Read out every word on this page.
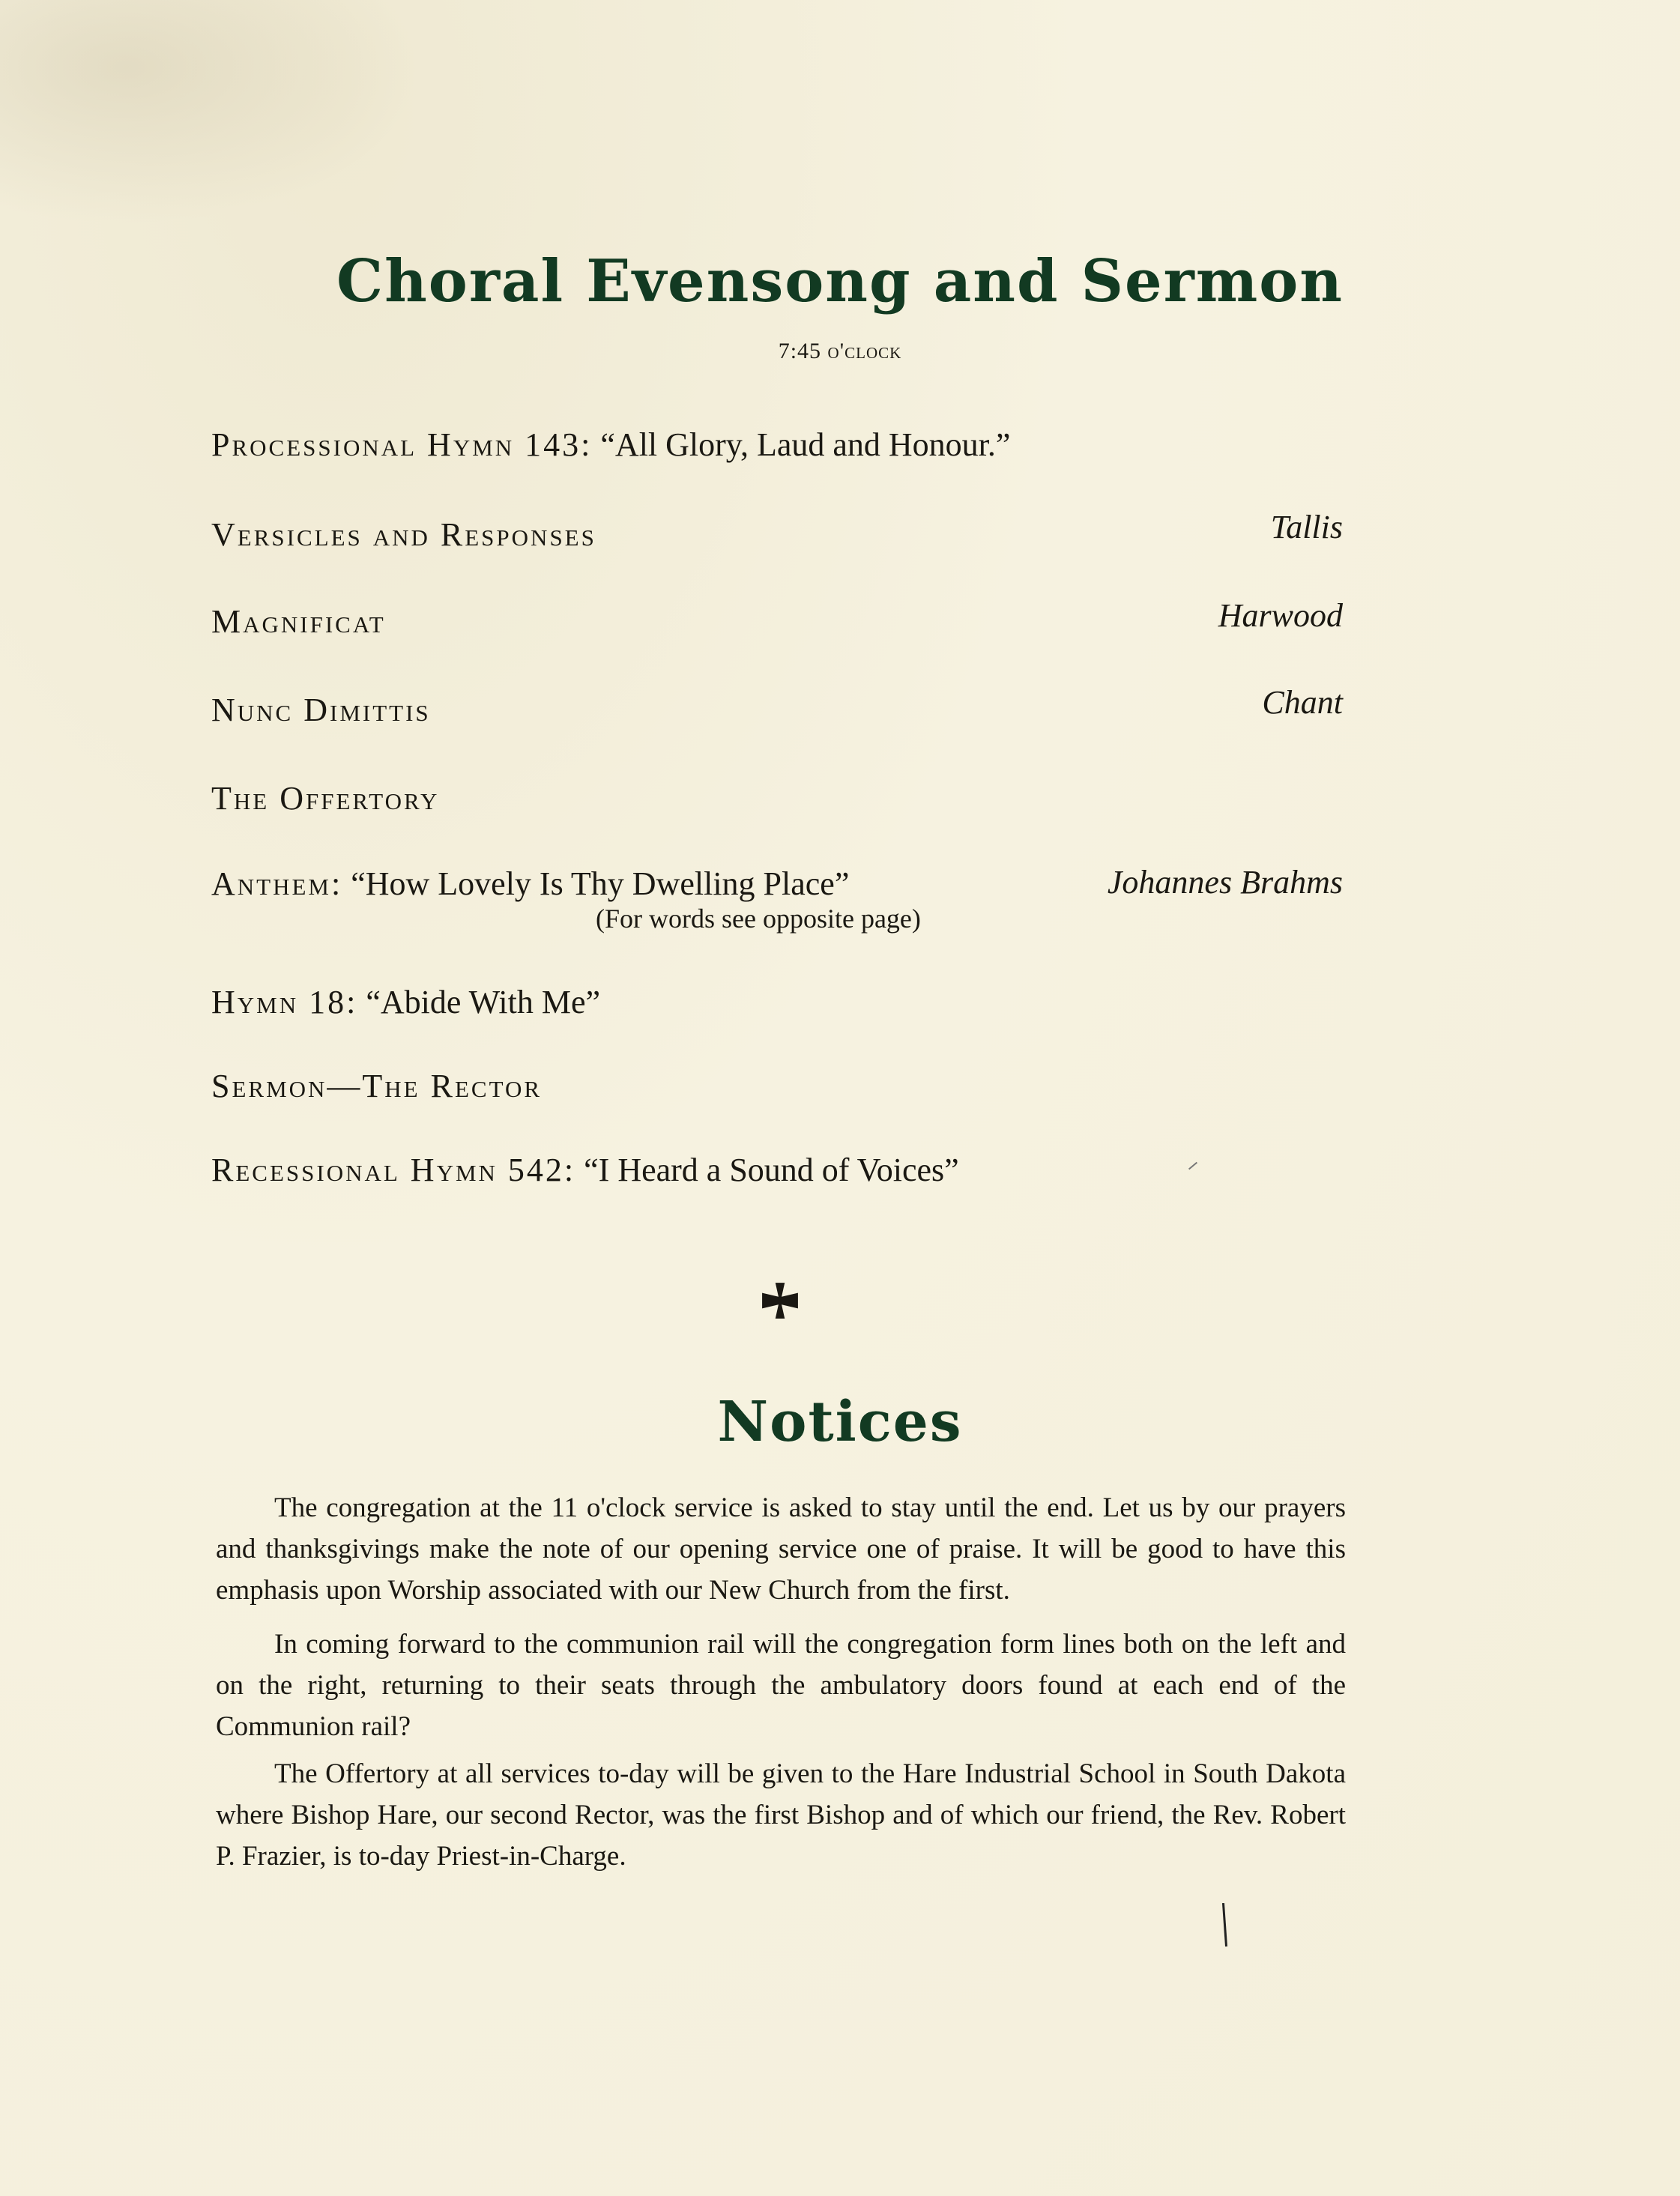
Choral Evensong and Sermon
7:45 o'clock
Processional Hymn 143: “All Glory, Laud and Honour.”
Versicles and Responses	Tallis
Magnificat	Harwood
Nunc Dimittis	Chant
The Offertory
Anthem: “How Lovely Is Thy Dwelling Place”	Johannes Brahms
(For words see opposite page)
Hymn 18: “Abide With Me”
Sermon—The Rector
Recessional Hymn 542: “I Heard a Sound of Voices”
Notices

The congregation at the 11 o'clock service is asked to stay until the end. Let us by our prayers and thanksgivings make the note of our opening service one of praise. It will be good to have this emphasis upon Worship associated with our New Church from the first.

In coming forward to the communion rail will the congregation form lines both on the left and on the right, returning to their seats through the ambulatory doors found at each end of the Communion rail?

The Offertory at all services to-day will be given to the Hare Industrial School in South Dakota where Bishop Hare, our second Rector, was the first Bishop and of which our friend, the Rev. Robert P. Frazier, is to-day Priest-in-Charge.
